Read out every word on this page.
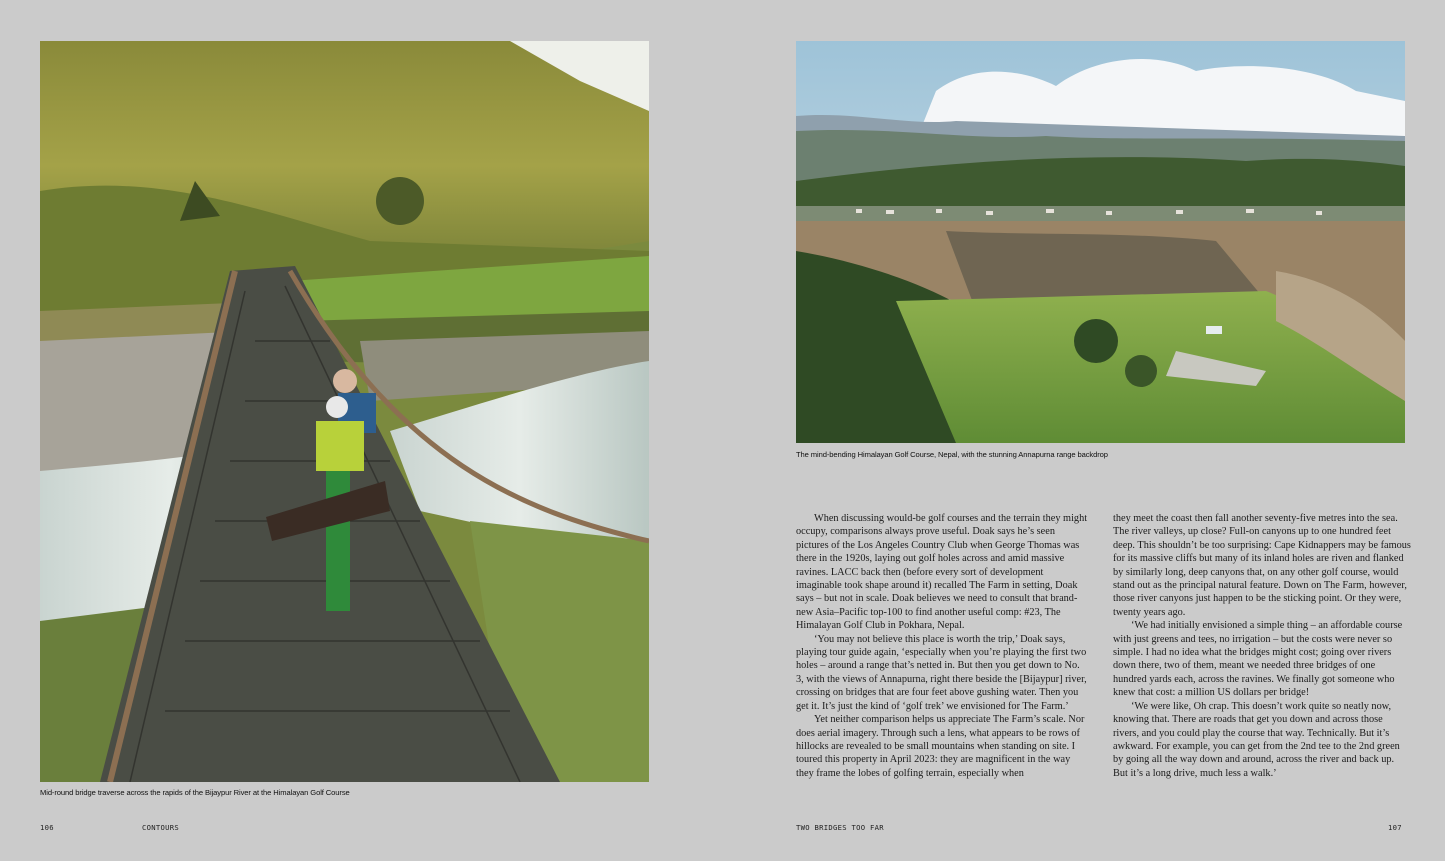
Mid-round bridge traverse across the rapids of the Bijaypur River at the Himalayan Golf Course
The mind-bending Himalayan Golf Course, Nepal, with the stunning Annapurna range backdrop

When discussing would-be golf courses and the terrain they might occupy, comparisons always prove useful. Doak says he’s seen pictures of the Los Angeles Country Club when George Thomas was there in the 1920s, laying out golf holes across and amid massive ravines. LACC back then (before every sort of development imaginable took shape around it) recalled The Farm in setting, Doak says – but not in scale. Doak believes we need to consult that brand-new Asia–Pacific top-100 to find another useful comp: #23, The Himalayan Golf Club in Pokhara, Nepal.

‘You may not believe this place is worth the trip,’ Doak says, playing tour guide again, ‘especially when you’re playing the first two holes – around a range that’s netted in. But then you get down to No. 3, with the views of Annapurna, right there beside the [Bijaypur] river, crossing on bridges that are four feet above gushing water. Then you get it. It’s just the kind of ‘golf trek’ we envisioned for The Farm.’

Yet neither comparison helps us appreciate The Farm’s scale. Nor does aerial imagery. Through such a lens, what appears to be rows of hillocks are revealed to be small mountains when standing on site. I toured this property in April 2023: they are magnificent in the way they frame the lobes of golfing terrain, especially when

they meet the coast then fall another seventy-five metres into the sea. The river valleys, up close? Full-on canyons up to one hundred feet deep. This shouldn’t be too surprising: Cape Kidnappers may be famous for its massive cliffs but many of its inland holes are riven and flanked by similarly long, deep canyons that, on any other golf course, would stand out as the principal natural feature. Down on The Farm, however, those river canyons just happen to be the sticking point. Or they were, twenty years ago.

‘We had initially envisioned a simple thing – an affordable course with just greens and tees, no irrigation – but the costs were never so simple. I had no idea what the bridges might cost; going over rivers down there, two of them, meant we needed three bridges of one hundred yards each, across the ravines. We finally got someone who knew that cost: a million US dollars per bridge!

‘We were like, Oh crap. This doesn’t work quite so neatly now, knowing that. There are roads that get you down and across those rivers, and you could play the course that way. Technically. But it’s awkward. For example, you can get from the 2nd tee to the 2nd green by going all the way down and around, across the river and back up. But it’s a long drive, much less a walk.’

106	CONTOURS	TWO BRIDGES TOO FAR	107
